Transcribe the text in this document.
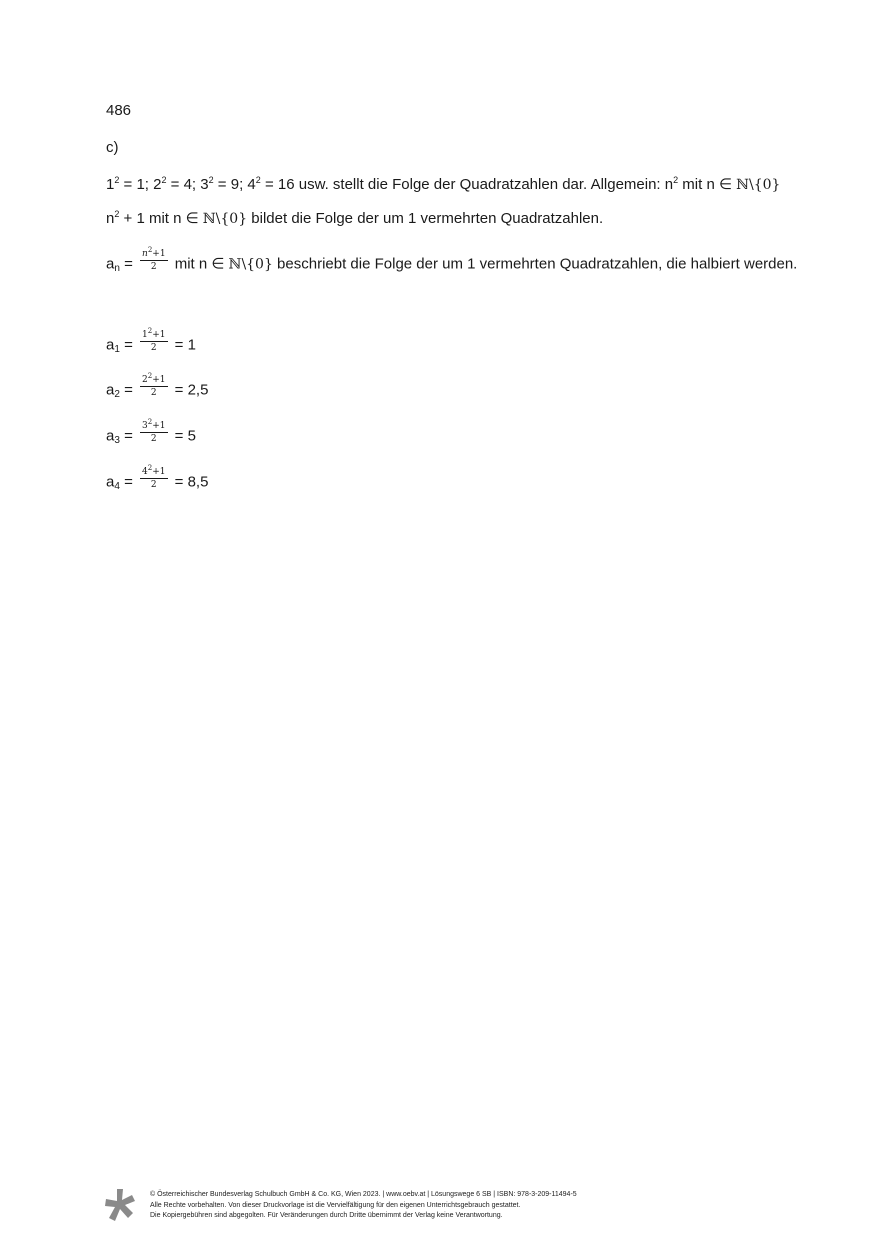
486
c)
$1^2 = 1$; $2^2 = 4$; $3^2 = 9$; $4^2 = 16$ usw. stellt die Folge der Quadratzahlen dar. Allgemein: $n^2$ mit n ∈ ℕ\{0}
$n^2 + 1$ mit n ∈ ℕ\{0} bildet die Folge der um 1 vermehrten Quadratzahlen.
$a_n = \frac{n^2+1}{2}$ mit n ∈ ℕ\{0} beschriebt die Folge der um 1 vermehrten Quadratzahlen, die halbiert werden.
$a_1 = \frac{1^2+1}{2} = 1$
$a_2 = \frac{2^2+1}{2} = 2,5$
$a_3 = \frac{3^2+1}{2} = 5$
$a_4 = \frac{4^2+1}{2} = 8,5$
© Österreichischer Bundesverlag Schulbuch GmbH & Co. KG, Wien 2023. | www.oebv.at | Lösungswege 6 SB | ISBN: 978-3-209-11494-5
Alle Rechte vorbehalten. Von dieser Druckvorlage ist die Vervielfältigung für den eigenen Unterrichtsgebrauch gestattet.
Die Kopiergebühren sind abgegolten. Für Veränderungen durch Dritte übernimmt der Verlag keine Verantwortung.
